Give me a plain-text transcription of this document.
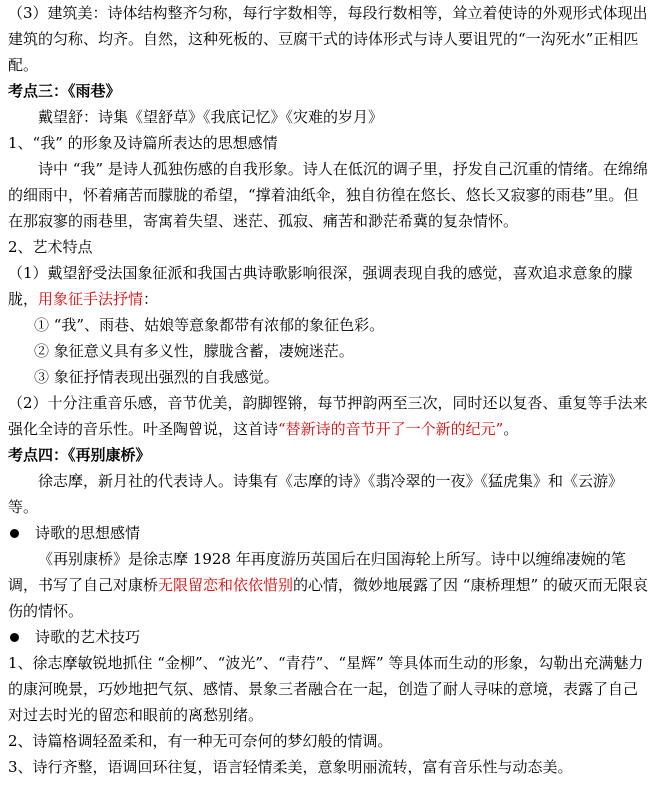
（3）建筑美：诗体结构整齐匀称，每行字数相等，每段行数相等，耸立着使诗的外观形式体现出建筑的匀称、均齐。自然，这种死板的、豆腐干式的诗体形式与诗人要诅咒的“一沟死水”正相匹配。

考点三：《雨巷》

戴望舒：诗集《望舒草》《我底记忆》《灾难的岁月》

1、“我” 的形象及诗篇所表达的思想感情

诗中 “我” 是诗人孤独伤感的自我形象。诗人在低沉的调子里，抒发自己沉重的情绪。在绵绵的细雨中，怀着痛苦而朦胧的希望，“撑着油纸伞，独自彷徨在悠长、悠长又寂寥的雨巷”里。但在那寂寥的雨巷里，寄寓着失望、迷茫、孤寂、痛苦和渺茫希冀的复杂情怀。

2、艺术特点

（1）戴望舒受法国象征派和我国古典诗歌影响很深，强调表现自我的感觉，喜欢追求意象的朦胧，用象征手法抒情：

① “我”、雨巷、姑娘等意象都带有浓郁的象征色彩。

② 象征意义具有多义性，朦胧含蓄，凄婉迷茫。

③ 象征抒情表现出强烈的自我感觉。

（2）十分注重音乐感，音节优美，韵脚铿锵，每节押韵两至三次，同时还以复沓、重复等手法来强化全诗的音乐性。叶圣陶曾说，这首诗“替新诗的音节开了一个新的纪元”。

考点四：《再别康桥》

徐志摩，新月社的代表诗人。诗集有《志摩的诗》《翡冷翠的一夜》《猛虎集》和《云游》等。

诗歌的思想感情

《再别康桥》是徐志摩 1928 年再度游历英国后在归国海轮上所写。诗中以缠绵凄婉的笔调，书写了自己对康桥无限留恋和依依惜别的心情，微妙地展露了因 “康桥理想” 的破灭而无限哀伤的情怀。

诗歌的艺术技巧

1、徐志摩敏锐地抓住 “金柳”、“波光”、“青荇”、“星辉” 等具体而生动的形象，勾勒出充满魅力的康河晚景，巧妙地把气氛、感情、景象三者融合在一起，创造了耐人寻味的意境，表露了自己对过去时光的留恋和眼前的离愁别绪。

2、诗篇格调轻盈柔和，有一种无可奈何的梦幻般的情调。

3、诗行齐整，语调回环往复，语言轻情柔美，意象明丽流转，富有音乐性与动态美。
